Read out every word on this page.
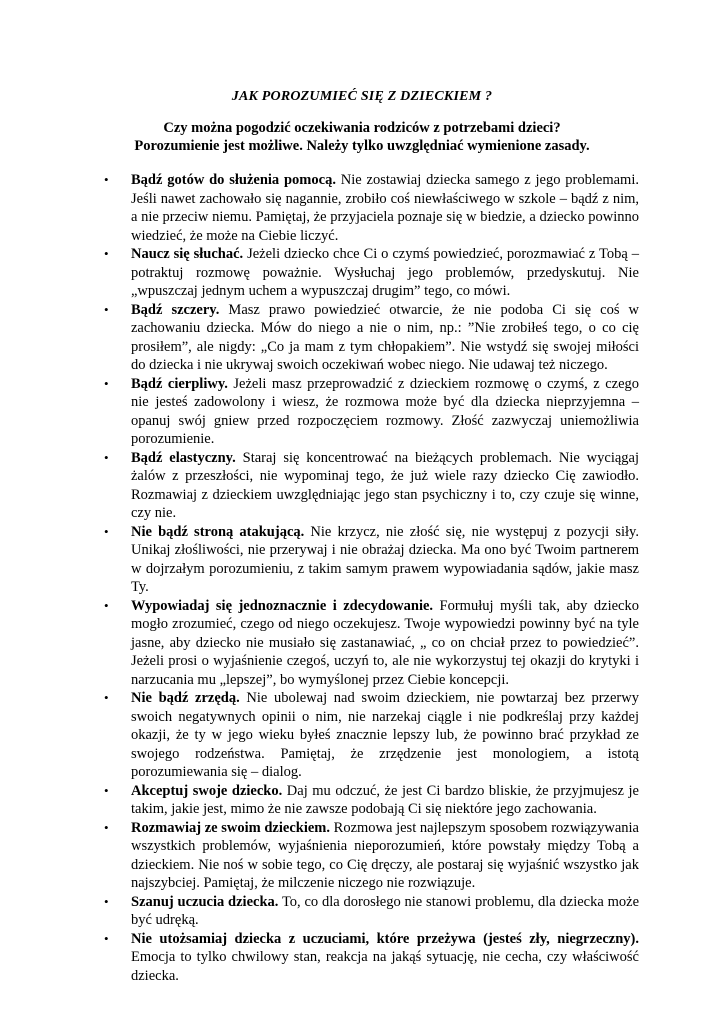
JAK POROZUMIEĆ SIĘ Z DZIECKIEM ?
Czy można pogodzić oczekiwania rodziców z potrzebami dzieci?
Porozumienie jest możliwe. Należy tylko uwzględniać wymienione zasady.
•	Bądź gotów do służenia pomocą. Nie zostawiaj dziecka samego z jego problemami. Jeśli nawet zachowało się nagannie, zrobiło coś niewłaściwego w szkole – bądź z nim, a nie przeciw niemu. Pamiętaj, że przyjaciela poznaje się w biedzie, a dziecko powinno wiedzieć, że może na Ciebie liczyć.
•	Naucz się słuchać. Jeżeli dziecko chce Ci o czymś powiedzieć, porozmawiać z Tobą – potraktuj rozmowę poważnie. Wysłuchaj jego problemów, przedyskutuj. Nie „wpuszczaj jednym uchem a wypuszczaj drugim” tego, co mówi.
•	Bądź szczery. Masz prawo powiedzieć otwarcie, że nie podoba Ci się coś w zachowaniu dziecka. Mów do niego a nie o nim, np.: ”Nie zrobiłeś tego, o co cię prosiłem”, ale nigdy: „Co ja mam z tym chłopakiem”. Nie wstydź się swojej miłości do dziecka i nie ukrywaj swoich oczekiwań wobec niego. Nie udawaj też niczego.
•	Bądź cierpliwy. Jeżeli masz przeprowadzić z dzieckiem rozmowę o czymś, z czego nie jesteś zadowolony i wiesz, że rozmowa może być dla dziecka nieprzyjemna – opanuj swój gniew przed rozpoczęciem rozmowy. Złość zazwyczaj uniemożliwia porozumienie.
•	Bądź elastyczny. Staraj się koncentrować na bieżących problemach. Nie wyciągaj żalów z przeszłości, nie wypominaj tego, że już wiele razy dziecko Cię zawiodło. Rozmawiaj z dzieckiem uwzględniając jego stan psychiczny i to, czy czuje się winne, czy nie.
•	Nie bądź stroną atakującą. Nie krzycz, nie złość się, nie występuj z pozycji siły. Unikaj złośliwości, nie przerywaj i nie obrażaj dziecka. Ma ono być Twoim partnerem w dojrzałym porozumieniu, z takim samym prawem wypowiadania sądów, jakie masz Ty.
•	Wypowiadaj się jednoznacznie i zdecydowanie. Formułuj myśli tak, aby dziecko mogło zrozumieć, czego od niego oczekujesz. Twoje wypowiedzi powinny być na tyle jasne, aby dziecko nie musiało się zastanawiać, „ co on chciał przez to powiedzieć”. Jeżeli prosi o wyjaśnienie czegoś, uczyń to, ale nie wykorzystuj tej okazji do krytyki i narzucania mu „lepszej”, bo wymyślonej przez Ciebie koncepcji.
•	Nie bądź zrzędą. Nie ubolewaj nad swoim dzieckiem, nie powtarzaj bez przerwy swoich negatywnych opinii o nim, nie narzekaj ciągle i nie podkreślaj przy każdej okazji, że ty w jego wieku byłeś znacznie lepszy lub, że powinno brać przykład ze swojego rodzeństwa. Pamiętaj, że zrzędzenie jest monologiem, a istotą porozumiewania się – dialog.
•	Akceptuj swoje dziecko. Daj mu odczuć, że jest Ci bardzo bliskie, że przyjmujesz je takim, jakie jest, mimo że nie zawsze podobają Ci się niektóre jego zachowania.
•	Rozmawiaj ze swoim dzieckiem. Rozmowa jest najlepszym sposobem rozwiązywania wszystkich problemów, wyjaśnienia nieporozumień, które powstały między Tobą a dzieckiem. Nie noś w sobie tego, co Cię dręczy, ale postaraj się wyjaśnić wszystko jak najszybciej. Pamiętaj, że milczenie niczego nie rozwiązuje.
•	Szanuj uczucia dziecka. To, co dla dorosłego nie stanowi problemu, dla dziecka może być udręką.
•	Nie utożsamiaj dziecka z uczuciami, które przeżywa (jesteś zły, niegrzeczny). Emocja to tylko chwilowy stan, reakcja na jakąś sytuację, nie cecha, czy właściwość dziecka.
